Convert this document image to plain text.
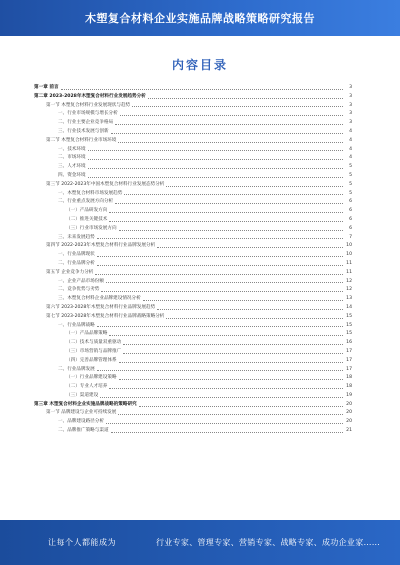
木塑复合材料企业实施品牌战略策略研究报告
内容目录
第一章 前言	3
第二章 2023-2028年木塑复合材料行业发展趋势分析	3
第一节 木塑复合材料行业发展现状与趋势	3
一、行业市场规模与增长分析	3
二、行业主要企业竞争格局	3
三、行业技术发展与创新	4
第二节 木塑复合材料行业市场环境	4
一、技术环境	4
二、市场环境	4
三、人才环境	5
四、资金环境	5
第三节 2022-2023年中国木塑复合材料行业发展态势分析	5
一、木塑复合材料市场发展趋势	5
二、行业重点发展方向分析	6
（一）产品研发方向	6
（二）推进关键技术	6
（三）行业市场发展方向	6
三、未来发展趋势	7
第四节 2022-2023年木塑复合材料行业品牌发展分析	10
一、行业品牌现状	10
二、行业品牌分析	11
第五节 企业竞争力分析	11
一、企业产品市场份额	12
二、竞争优势与劣势	12
三、木塑复合材料企业品牌建设情况分析	13
第六节 2023-2028年木塑复合材料行业品牌发展趋势	14
第七节 2023-2028年木塑复合材料行业品牌战略策略分析	15
一、行业品牌战略	15
（一）产品品牌策略	15
（二）技术与质量双重驱动	16
（三）市场营销与品牌推广	17
（四）完善品牌管理体系	17
二、行业品牌发展	17
（一）行业品牌建设策略	18
（二）专业人才培养	18
（三）渠道建设	19
第三章 木塑复合材料企业实施品牌战略的策略研究	20
第一节 品牌建设与企业可持续发展	20
一、品牌建设路径分析	20
二、品牌推广策略与渠道	21
让每个人都能成为	行业专家、管理专家、营销专家、战略专家、成功企业家……
